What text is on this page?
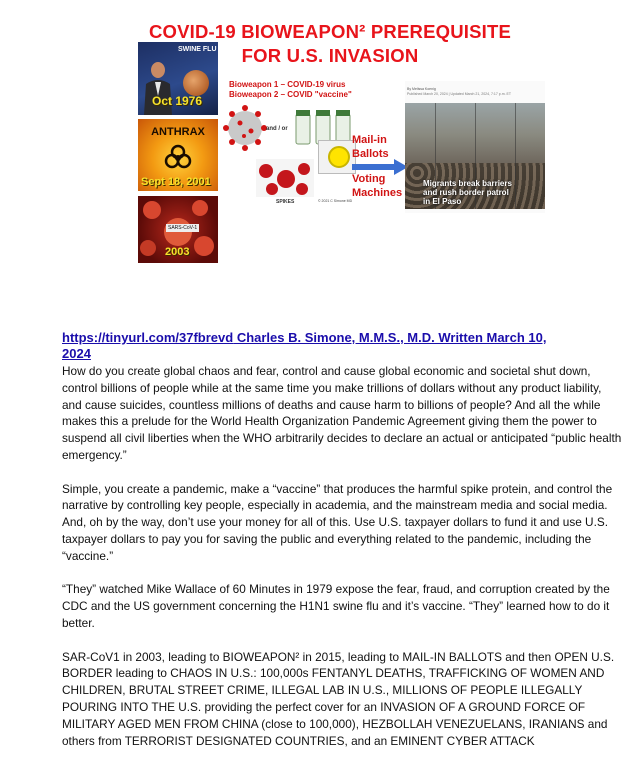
COVID-19 BIOWEAPON² PREREQUISITE
FOR U.S. INVASION
SWINE FLU
Oct 1976
ANTHRAX
Sept 18, 2001
SARS-CoV-1
2003
Bioweapon 1 – COVID-19 virus
Bioweapon 2 – COVID "vaccine"
and / or
SPIKES	© 2021 C Simone MD
Mail-in
Ballots
Voting
Machines
By Melissa Koenig
Published March 20, 2024 | Updated March 21, 2024, 7:17 p.m. ET
Migrants break barriers
and rush border patrol
in El Paso
https://tinyurl.com/37fbrevd Charles B. Simone, M.M.S., M.D. Written March 10,
2024

How do you create global chaos and fear, control and cause global economic and societal shut down, control billions of people while at the same time you make trillions of dollars without any product liability, and cause suicides, countless millions of deaths and cause harm to billions of people? And all the while makes this a prelude for the World Health Organization Pandemic Agreement giving them the power to suspend all civil liberties when the WHO arbitrarily decides to declare an actual or anticipated “public health emergency.”

Simple, you create a pandemic, make a “vaccine” that produces the harmful spike protein, and control the narrative by controlling key people, especially in academia, and the mainstream media and social media. And, oh by the way, don’t use your money for all of this. Use U.S. taxpayer dollars to fund it and use U.S. taxpayer dollars to pay you for saving the public and everything related to the pandemic, including the “vaccine.”

“They” watched Mike Wallace of 60 Minutes in 1979 expose the fear, fraud, and corruption created by the CDC and the US government concerning the H1N1 swine flu and it’s vaccine. “They” learned how to do it better.

SAR-CoV1 in 2003, leading to BIOWEAPON² in 2015, leading to MAIL-IN BALLOTS and then OPEN U.S. BORDER leading to CHAOS IN U.S.: 100,000s FENTANYL DEATHS, TRAFFICKING OF WOMEN AND CHILDREN, BRUTAL STREET CRIME, ILLEGAL LAB IN U.S., MILLIONS OF PEOPLE ILLEGALLY POURING INTO THE U.S. providing the perfect cover for an INVASION OF A GROUND FORCE OF MILITARY AGED MEN FROM CHINA (close to 100,000), HEZBOLLAH VENEZUELANS, IRANIANS and others from TERRORIST DESIGNATED COUNTRIES, and an EMINENT CYBER ATTACK
